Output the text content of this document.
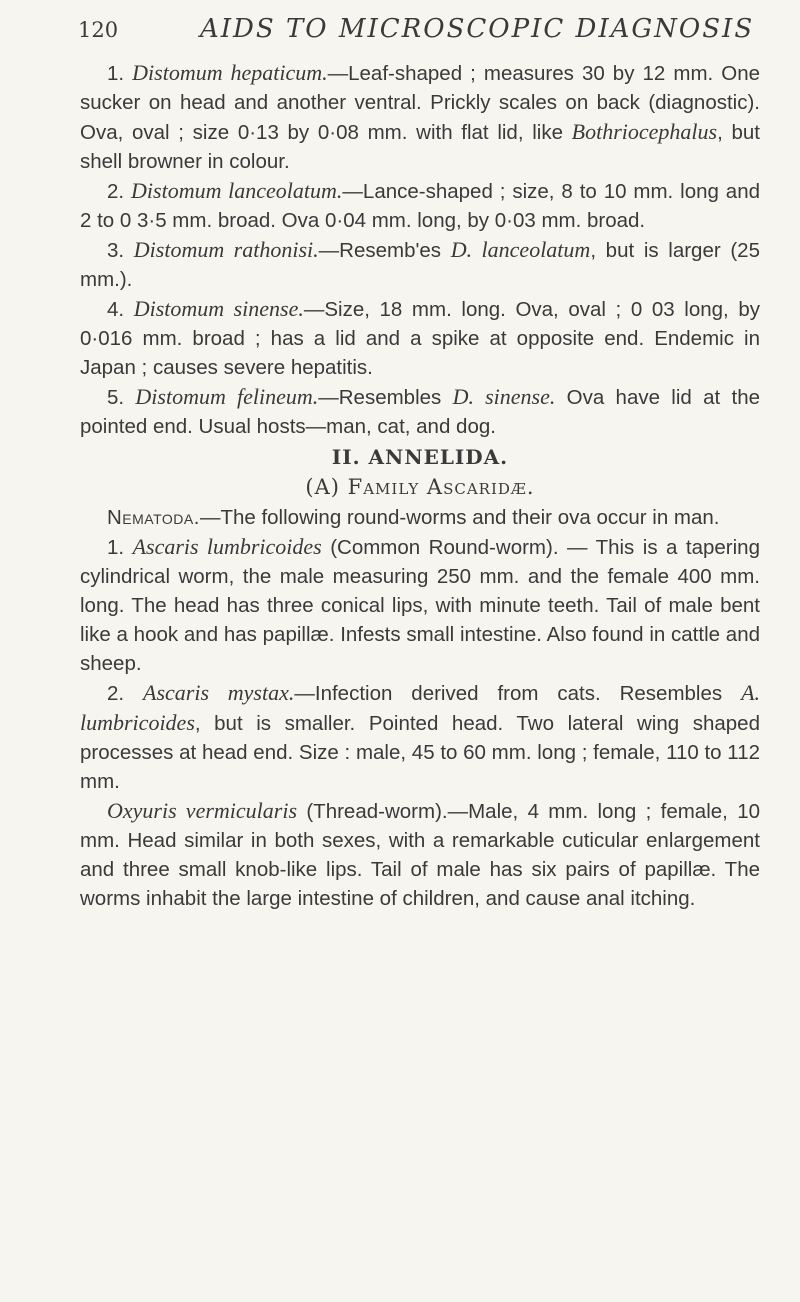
120	AIDS TO MICROSCOPIC DIAGNOSIS

1. Distomum hepaticum.—Leaf-shaped ; measures 30 by 12 mm. One sucker on head and another ventral. Prickly scales on back (diagnostic). Ova, oval ; size 0·13 by 0·08 mm. with flat lid, like Bothriocephalus, but shell browner in colour.

2. Distomum lanceolatum.—Lance-shaped ; size, 8 to 10 mm. long and 2 to 0 3·5 mm. broad. Ova 0·04 mm. long, by 0·03 mm. broad.

3. Distomum rathonisi.—Resemb'es D. lanceolatum, but is larger (25 mm.).

4. Distomum sinense.—Size, 18 mm. long. Ova, oval ; 0 03 long, by 0·016 mm. broad ; has a lid and a spike at opposite end. Endemic in Japan ; causes severe hepatitis.

5. Distomum felineum.—Resembles D. sinense. Ova have lid at the pointed end. Usual hosts—man, cat, and dog.

II. ANNELIDA.
(A) Family Ascaridæ.

Nematoda.—The following round-worms and their ova occur in man.

1. Ascaris lumbricoides (Common Round-worm). — This is a tapering cylindrical worm, the male measuring 250 mm. and the female 400 mm. long. The head has three conical lips, with minute teeth. Tail of male bent like a hook and has papillæ. Infests small intestine. Also found in cattle and sheep.

2. Ascaris mystax.—Infection derived from cats. Resembles A. lumbricoides, but is smaller. Pointed head. Two lateral wing shaped processes at head end. Size : male, 45 to 60 mm. long ; female, 110 to 112 mm.

Oxyuris vermicularis (Thread-worm).—Male, 4 mm. long ; female, 10 mm. Head similar in both sexes, with a remarkable cuticular enlargement and three small knob-like lips. Tail of male has six pairs of papillæ. The worms inhabit the large intestine of children, and cause anal itching.
